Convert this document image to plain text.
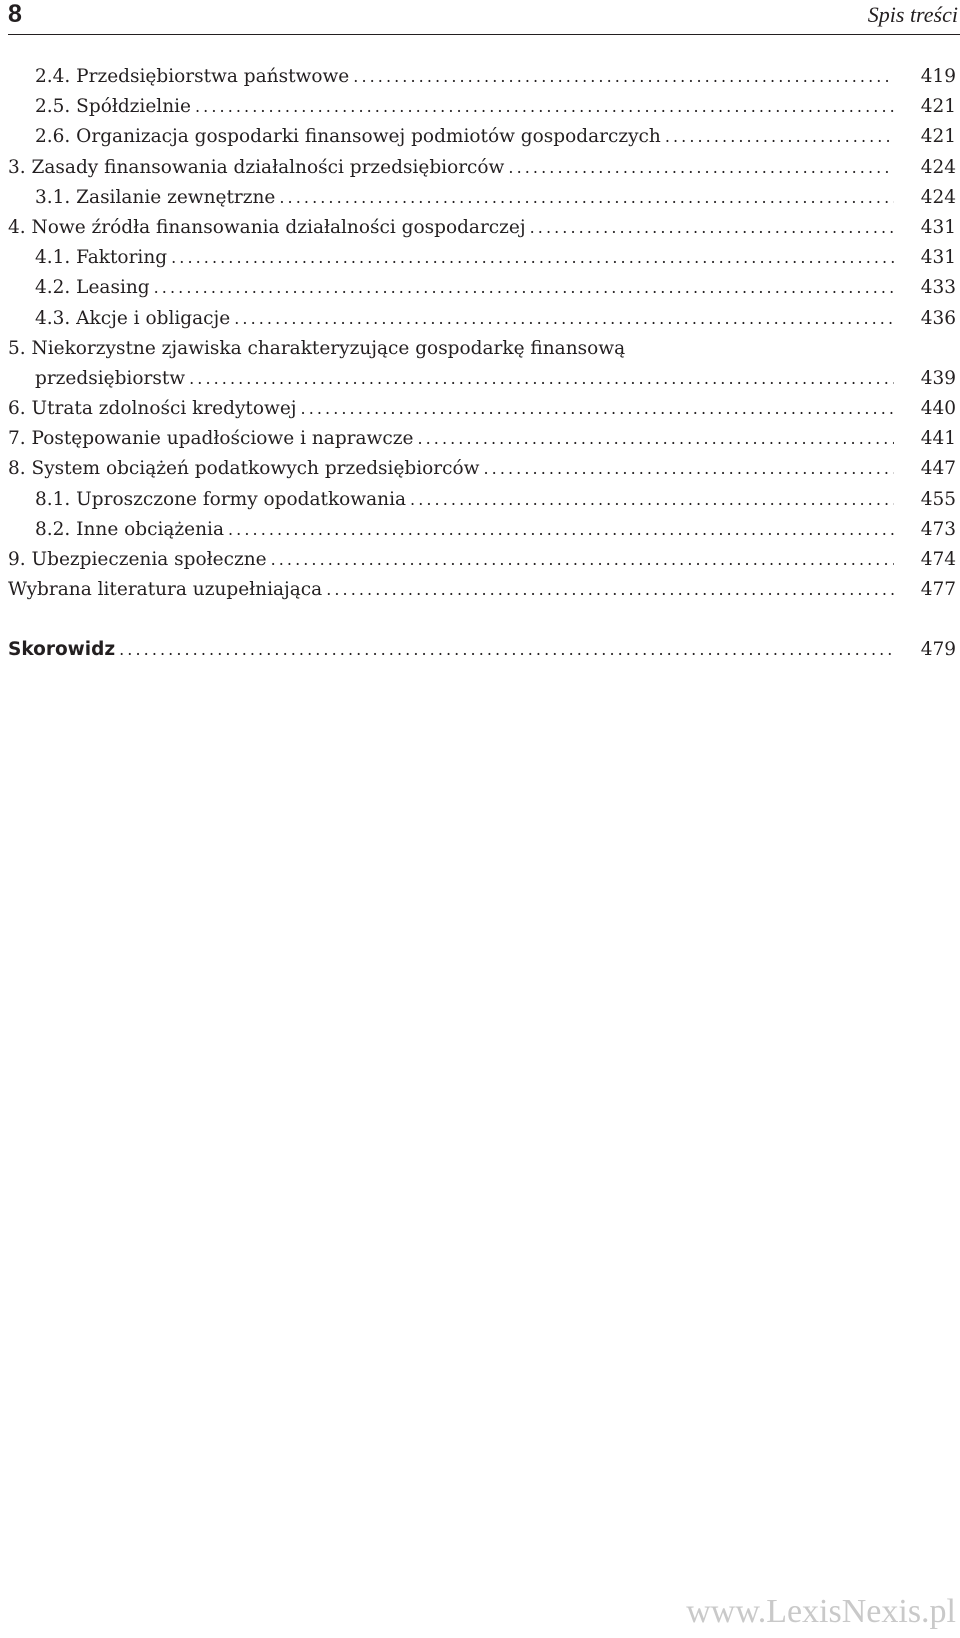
8	Spis treści
2.4. Przedsiębiorstwa państwowe . . .	419
2.5. Spółdzielnie . . .	421
2.6. Organizacja gospodarki finansowej podmiotów gospodarczych . . .	421
3. Zasady finansowania działalności przedsiębiorców . . .	424
3.1. Zasilanie zewnętrzne . . .	424
4. Nowe źródła finansowania działalności gospodarczej . . .	431
4.1. Faktoring . . .	431
4.2. Leasing . . .	433
4.3. Akcje i obligacje . . .	436
5. Niekorzystne zjawiska charakteryzujące gospodarkę finansową
przedsiębiorstw . . .	439
6. Utrata zdolności kredytowej . . .	440
7. Postępowanie upadłościowe i naprawcze . . .	441
8. System obciążeń podatkowych przedsiębiorców . . .	447
8.1. Uproszczone formy opodatkowania . . .	455
8.2. Inne obciążenia . . .	473
9. Ubezpieczenia społeczne . . .	474
Wybrana literatura uzupełniająca . . .	477
Skorowidz . . .	479
www.LexisNexis.pl
